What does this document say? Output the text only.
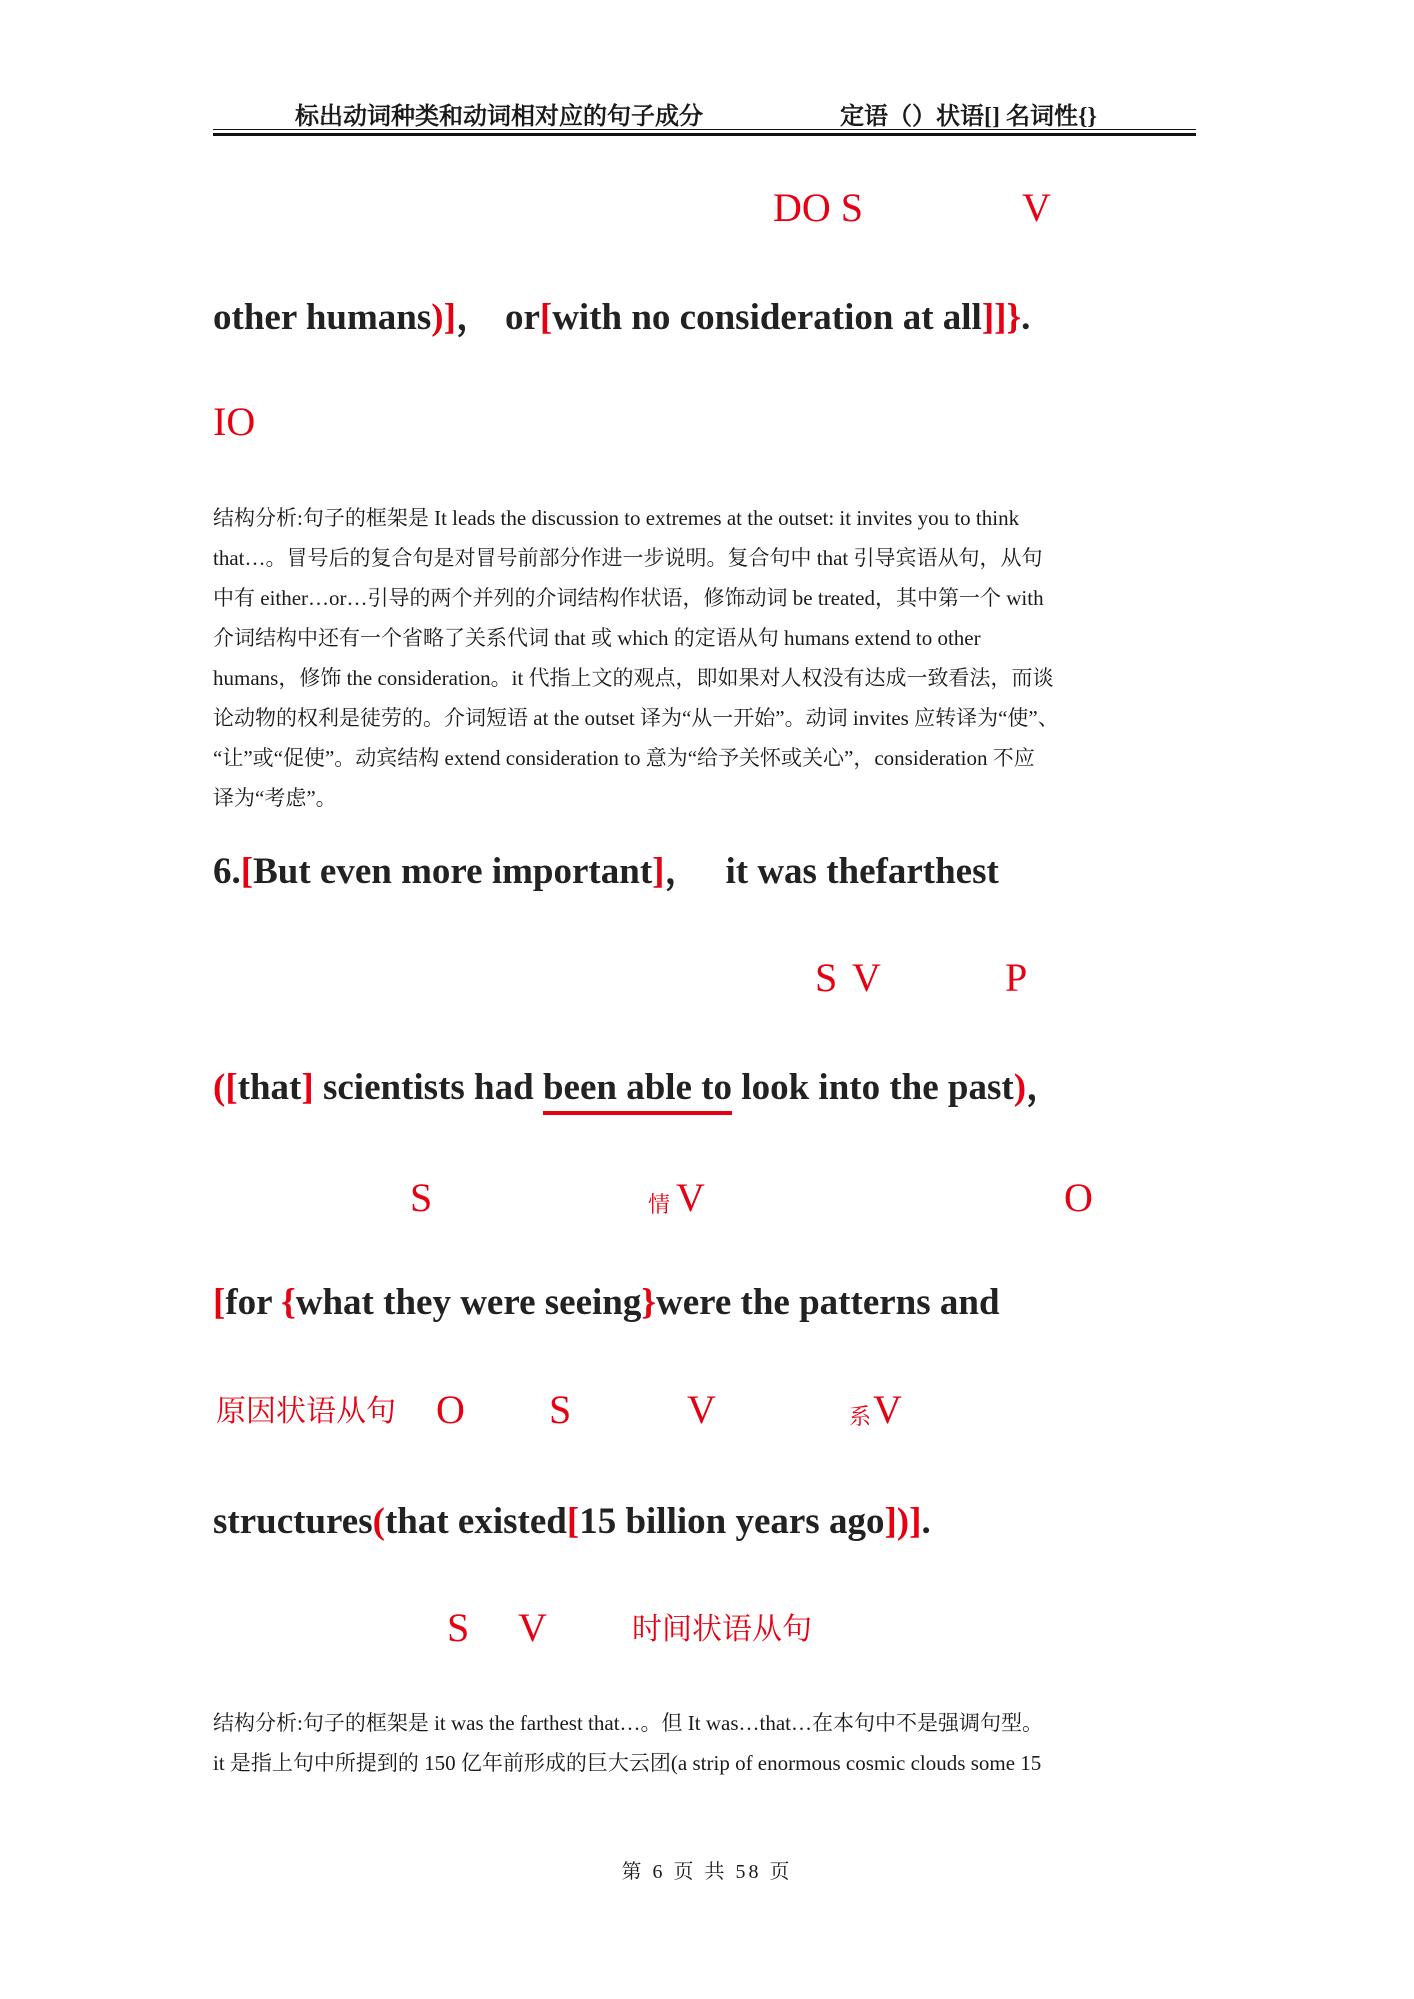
标出动词种类和动词相对应的句子成分	定语（）状语[] 名词性{}
DO S	V
other humans)]， or[with no consideration at all]]}.
IO
结构分析:句子的框架是 It leads the discussion to extremes at the outset: it invites you to think
that…。冒号后的复合句是对冒号前部分作进一步说明。复合句中 that 引导宾语从句，从句
中有 either…or…引导的两个并列的介词结构作状语，修饰动词 be treated，其中第一个 with
介词结构中还有一个省略了关系代词 that 或 which 的定语从句 humans extend to other
humans，修饰 the consideration。it 代指上文的观点，即如果对人权没有达成一致看法，而谈
论动物的权利是徒劳的。介词短语 at the outset 译为“从一开始”。动词 invites 应转译为“使”、
“让”或“促使”。动宾结构 extend consideration to 意为“给予关怀或关心”，consideration 不应
译为“考虑”。
6.[But even more important]， it was thefarthest
S V	P
([that] scientists had been able to look into the past)，
S	情 V	O
[for {what they were seeing}were the patterns and
原因状语从句 O S	V	系 V
structures(that existed[15 billion years ago])].
S V	时间状语从句
结构分析:句子的框架是 it was the farthest that…。但 It was…that…在本句中不是强调句型。
it 是指上句中所提到的 150 亿年前形成的巨大云团(a strip of enormous cosmic clouds some 15
第 6 页 共 58 页
